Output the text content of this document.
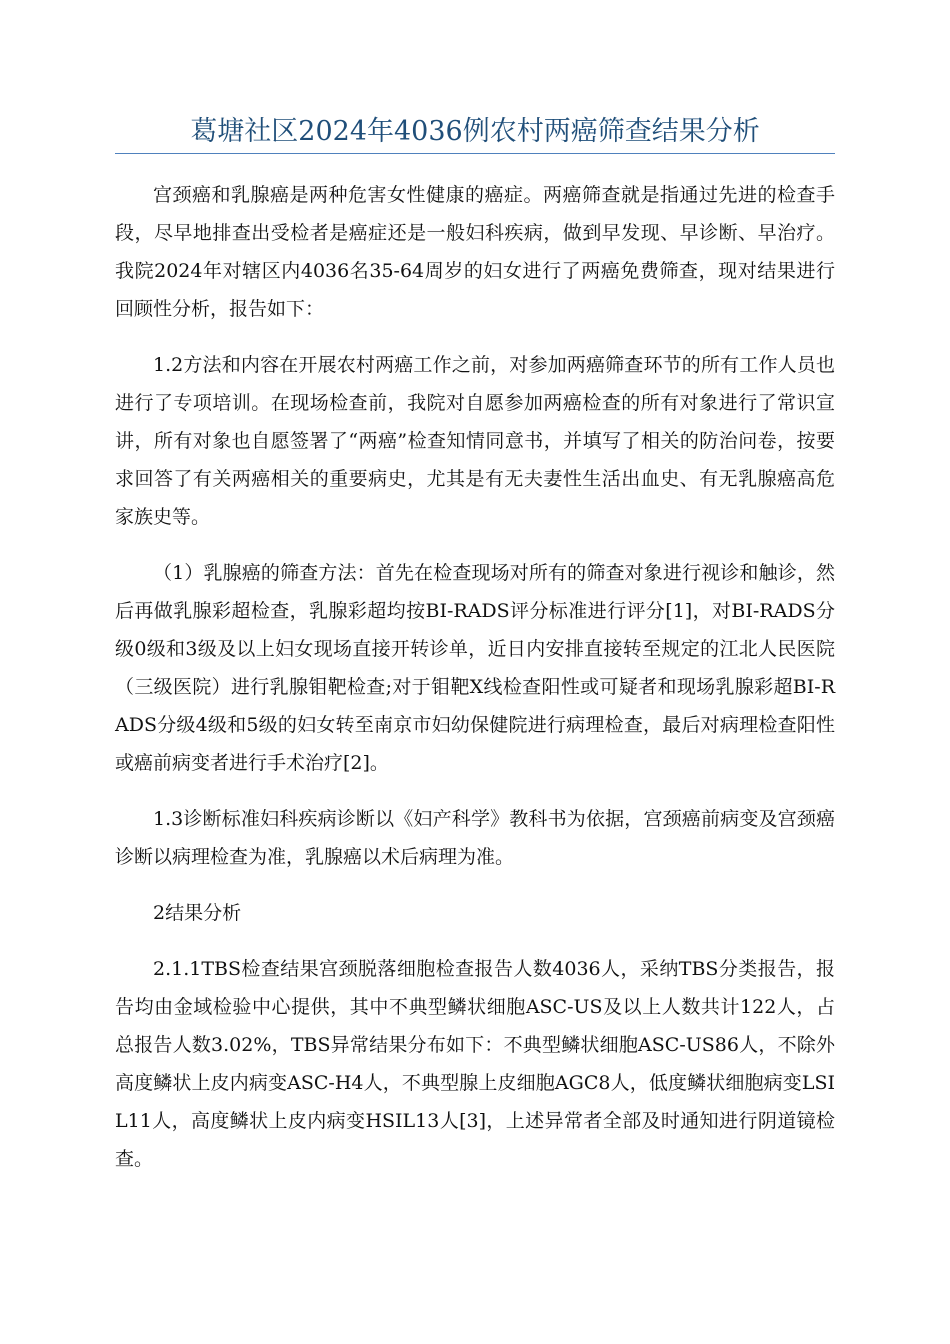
葛塘社区2024年4036例农村两癌筛查结果分析

宫颈癌和乳腺癌是两种危害女性健康的癌症。两癌筛查就是指通过先进的检查手段，尽早地排查出受检者是癌症还是一般妇科疾病，做到早发现、早诊断、早治疗。我院2024年对辖区内4036名35-64周岁的妇女进行了两癌免费筛查，现对结果进行回顾性分析，报告如下：

1.2方法和内容在开展农村两癌工作之前，对参加两癌筛查环节的所有工作人员也进行了专项培训。在现场检查前，我院对自愿参加两癌检查的所有对象进行了常识宣讲，所有对象也自愿签署了“两癌”检查知情同意书，并填写了相关的防治问卷，按要求回答了有关两癌相关的重要病史，尤其是有无夫妻性生活出血史、有无乳腺癌高危家族史等。

（1）乳腺癌的筛查方法：首先在检查现场对所有的筛查对象进行视诊和触诊，然后再做乳腺彩超检查，乳腺彩超均按BI-RADS评分标准进行评分[1]，对BI-RADS分级0级和3级及以上妇女现场直接开转诊单，近日内安排直接转至规定的江北人民医院（三级医院）进行乳腺钼靶检查;对于钼靶X线检查阳性或可疑者和现场乳腺彩超BI-RADS分级4级和5级的妇女转至南京市妇幼保健院进行病理检查，最后对病理检查阳性或癌前病变者进行手术治疗[2]。

1.3诊断标准妇科疾病诊断以《妇产科学》教科书为依据，宫颈癌前病变及宫颈癌诊断以病理检查为准，乳腺癌以术后病理为准。

2结果分析

2.1.1TBS检查结果宫颈脱落细胞检查报告人数4036人，采纳TBS分类报告，报告均由金域检验中心提供，其中不典型鳞状细胞ASC-US及以上人数共计122人，占总报告人数3.02%，TBS异常结果分布如下：不典型鳞状细胞ASC-US86人，不除外高度鳞状上皮内病变ASC-H4人，不典型腺上皮细胞AGC8人，低度鳞状细胞病变LSIL11人，高度鳞状上皮内病变HSIL13人[3]，上述异常者全部及时通知进行阴道镜检查。
